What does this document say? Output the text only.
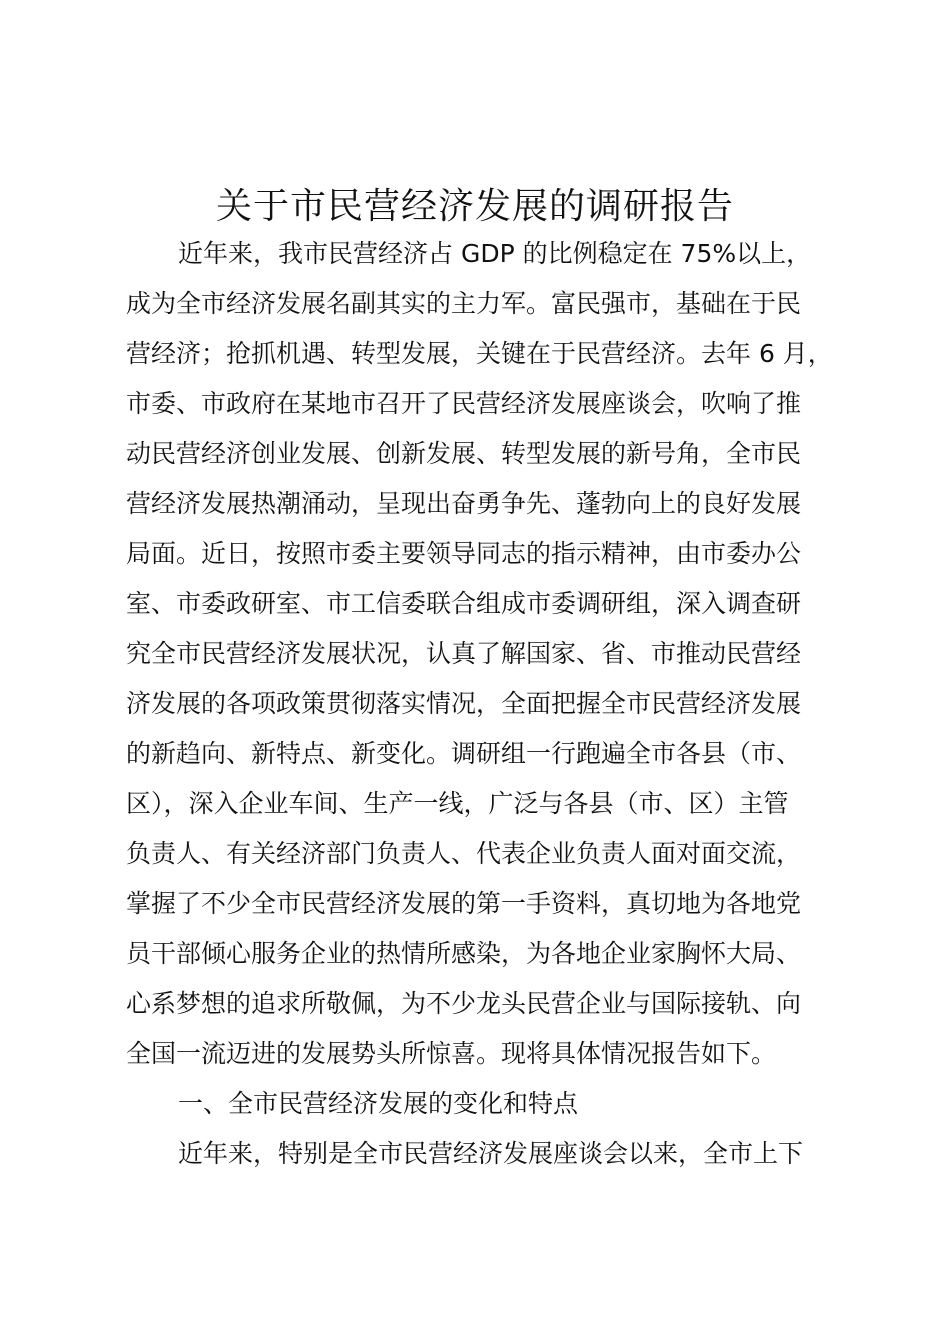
关于市民营经济发展的调研报告
近年来，我市民营经济占 GDP 的比例稳定在 75%以上，
成为全市经济发展名副其实的主力军。富民强市，基础在于民
营经济；抢抓机遇、转型发展，关键在于民营经济。去年 6 月，
市委、市政府在某地市召开了民营经济发展座谈会，吹响了推
动民营经济创业发展、创新发展、转型发展的新号角，全市民
营经济发展热潮涌动，呈现出奋勇争先、蓬勃向上的良好发展
局面。近日，按照市委主要领导同志的指示精神，由市委办公
室、市委政研室、市工信委联合组成市委调研组，深入调查研
究全市民营经济发展状况，认真了解国家、省、市推动民营经
济发展的各项政策贯彻落实情况，全面把握全市民营经济发展
的新趋向、新特点、新变化。调研组一行跑遍全市各县（市、
区），深入企业车间、生产一线，广泛与各县（市、区）主管
负责人、有关经济部门负责人、代表企业负责人面对面交流，
掌握了不少全市民营经济发展的第一手资料，真切地为各地党
员干部倾心服务企业的热情所感染，为各地企业家胸怀大局、
心系梦想的追求所敬佩，为不少龙头民营企业与国际接轨、向
全国一流迈进的发展势头所惊喜。现将具体情况报告如下。
一、全市民营经济发展的变化和特点
近年来，特别是全市民营经济发展座谈会以来，全市上下
